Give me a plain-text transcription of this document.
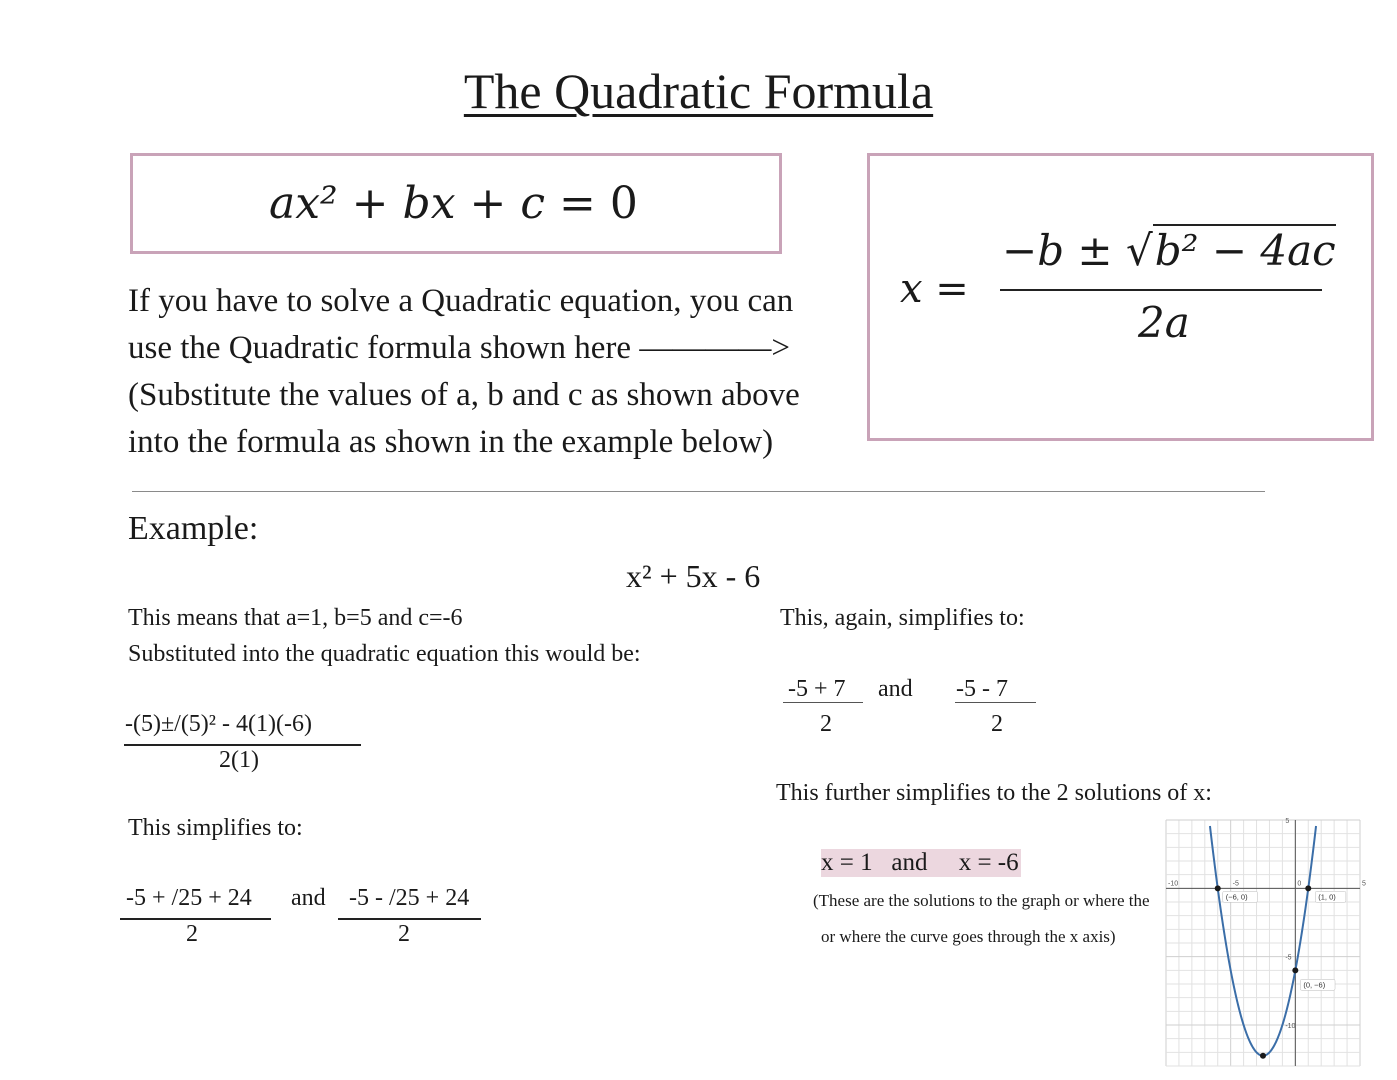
The Quadratic Formula
ax² + bx + c = 0
x =
−b ± √b² − 4ac
2a
If you have to solve a Quadratic equation, you can
use the Quadratic formula shown here ————>
(Substitute the values of a, b and c as shown above
into the formula as shown in the example below)
Example:
x² + 5x - 6
This means that a=1, b=5 and c=-6
Substituted into the quadratic equation this would be:
-(5)±/(5)² - 4(1)(-6)
2(1)
This simplifies to:
-5 + /25 + 24
2
and -5 - /25 + 24
2
This, again, simplifies to:
-5 + 7
2
and -5 - 7
2
This further simplifies to the 2 solutions of x:
x = 1   and     x = -6
(These are the solutions to the graph or where the
or where the curve goes through the x axis)
-10	-5	0	5
5
-5
-10
(−6, 0)	(1, 0)
(0, −6)
